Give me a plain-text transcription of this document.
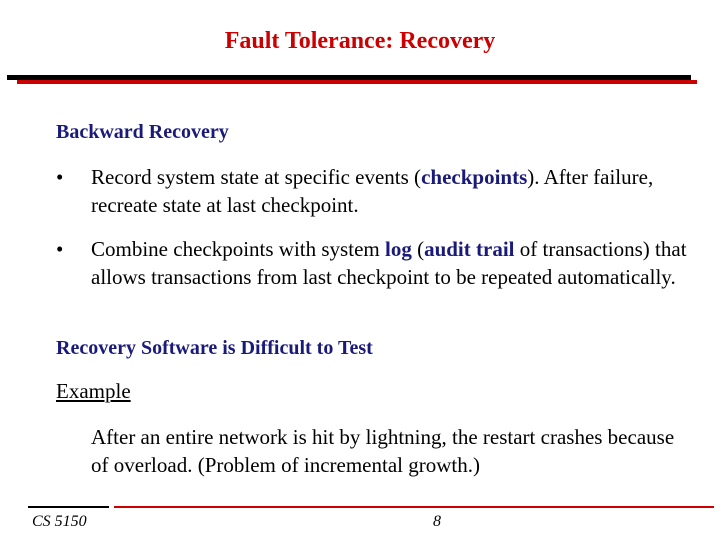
Fault Tolerance: Recovery
Backward Recovery
• Record system state at specific events (checkpoints). After failure, recreate state at last checkpoint.
• Combine checkpoints with system log (audit trail of transactions) that allows transactions from last checkpoint to be repeated automatically.
Recovery Software is Difficult to Test
Example
After an entire network is hit by lightning, the restart crashes because of overload. (Problem of incremental growth.)
CS 5150	8
